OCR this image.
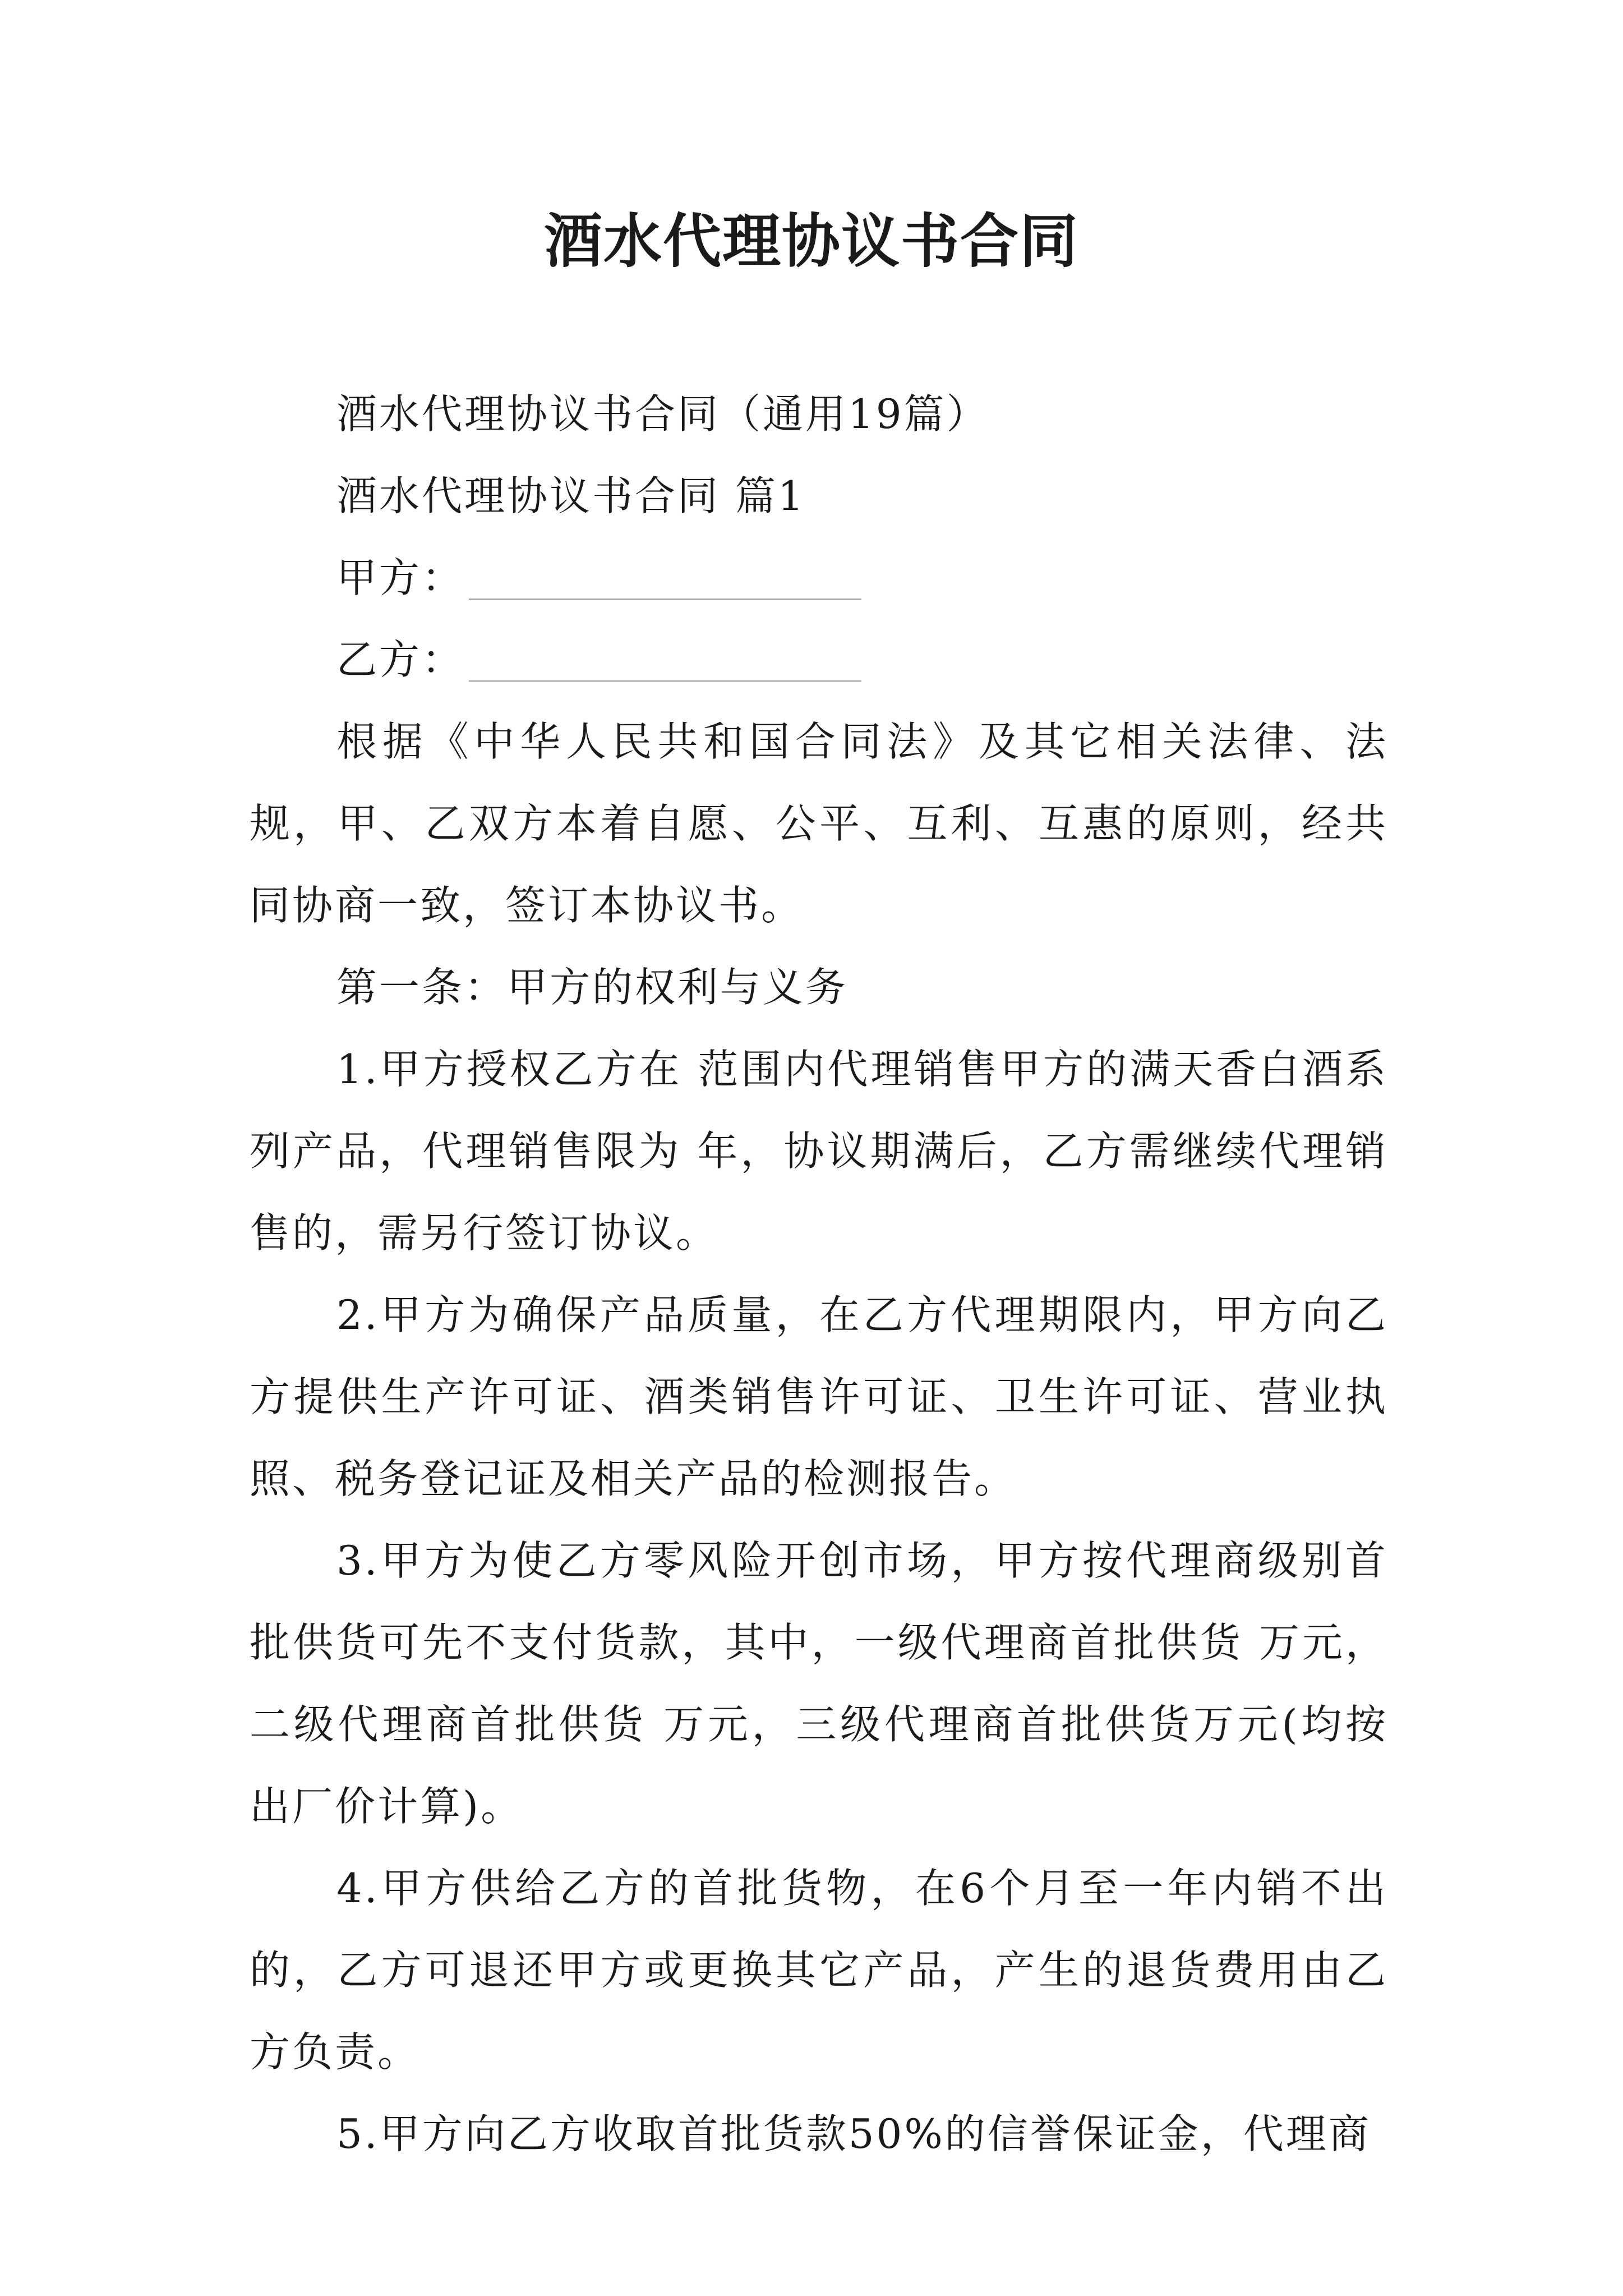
酒水代理协议书合同

酒水代理协议书合同（通用19篇）

酒水代理协议书合同 篇1

甲方：

乙方：

根据《中华人民共和国合同法》及其它相关法律、法规，甲、乙双方本着自愿、公平、互利、互惠的原则，经共同协商一致，签订本协议书。

第一条：甲方的权利与义务

1.甲方授权乙方在 范围内代理销售甲方的满天香白酒系列产品，代理销售限为 年，协议期满后，乙方需继续代理销售的，需另行签订协议。

2.甲方为确保产品质量，在乙方代理期限内，甲方向乙方提供生产许可证、酒类销售许可证、卫生许可证、营业执照、税务登记证及相关产品的检测报告。

3.甲方为使乙方零风险开创市场，甲方按代理商级别首批供货可先不支付货款，其中，一级代理商首批供货 万元，二级代理商首批供货 万元，三级代理商首批供货万元(均按出厂价计算)。

4.甲方供给乙方的首批货物，在6个月至一年内销不出的，乙方可退还甲方或更换其它产品，产生的退货费用由乙方负责。

5.甲方向乙方收取首批货款50%的信誉保证金，代理商
